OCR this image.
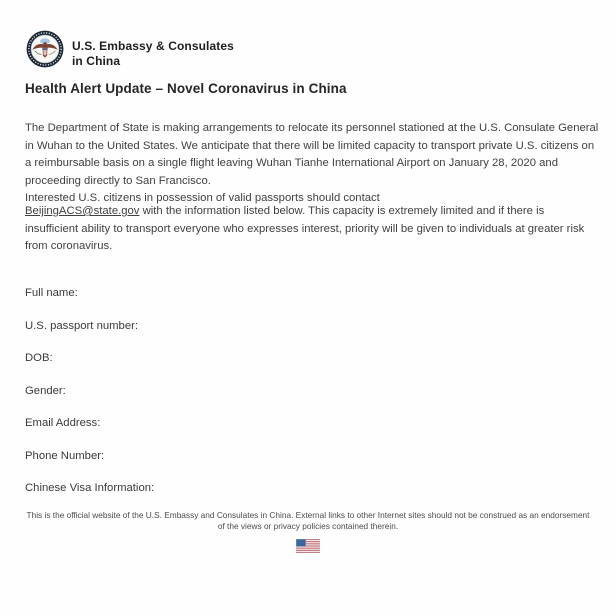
U.S. Embassy & Consulates
in China
Health Alert Update – Novel Coronavirus in China
The Department of State is making arrangements to relocate its personnel stationed at the U.S. Consulate General in Wuhan to the United States. We anticipate that there will be limited capacity to transport private U.S. citizens on a reimbursable basis on a single flight leaving Wuhan Tianhe International Airport on January 28, 2020 and proceeding directly to San Francisco.
Interested U.S. citizens in possession of valid passports should contact
BeijingACS@state.gov with the information listed below. This capacity is extremely limited and if there is insufficient ability to transport everyone who expresses interest, priority will be given to individuals at greater risk from coronavirus.
Full name:
U.S. passport number:
DOB:
Gender:
Email Address:
Phone Number:
Chinese Visa Information:
This is the official website of the U.S. Embassy and Consulates in China. External links to other Internet sites should not be construed as an endorsement of the views or privacy policies contained therein.
